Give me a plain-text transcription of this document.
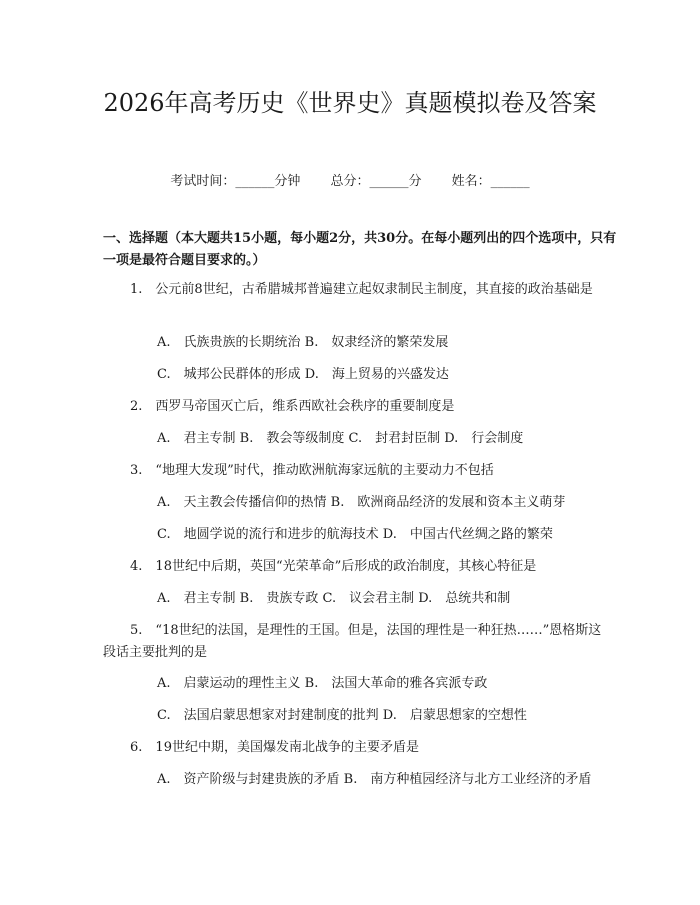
2026年高考历史《世界史》真题模拟卷及答案
考试时间：______分钟 总分：______分 姓名：______
一、选择题（本大题共15小题，每小题2分，共30分。在每小题列出的四个选项中，只有一项是最符合题目要求的。）
1.　 公元前8世纪，古希腊城邦普遍建立起奴隶制民主制度，其直接的政治基础是
A.　氏族贵族的长期统治 B.　奴隶经济的繁荣发展
C.　城邦公民群体的形成 D.　海上贸易的兴盛发达
2.　 西罗马帝国灭亡后，维系西欧社会秩序的重要制度是
A.　君主专制 B.　教会等级制度 C.　封君封臣制 D.　行会制度
3.　 “地理大发现”时代，推动欧洲航海家远航的主要动力不包括
A.　天主教会传播信仰的热情 B.　欧洲商品经济的发展和资本主义萌芽
C.　地圆学说的流行和进步的航海技术 D.　中国古代丝绸之路的繁荣
4.　 18世纪中后期，英国“光荣革命”后形成的政治制度，其核心特征是
A.　君主专制 B.　贵族专政 C.　议会君主制 D.　总统共和制
5.　 “18世纪的法国，是理性的王国。但是，法国的理性是一种狂热……”恩格斯这段话主要批判的是
A.　启蒙运动的理性主义 B.　法国大革命的雅各宾派专政
C.　法国启蒙思想家对封建制度的批判 D.　启蒙思想家的空想性
6.　 19世纪中期，美国爆发南北战争的主要矛盾是
A.　资产阶级与封建贵族的矛盾 B.　南方种植园经济与北方工业经济的矛盾
